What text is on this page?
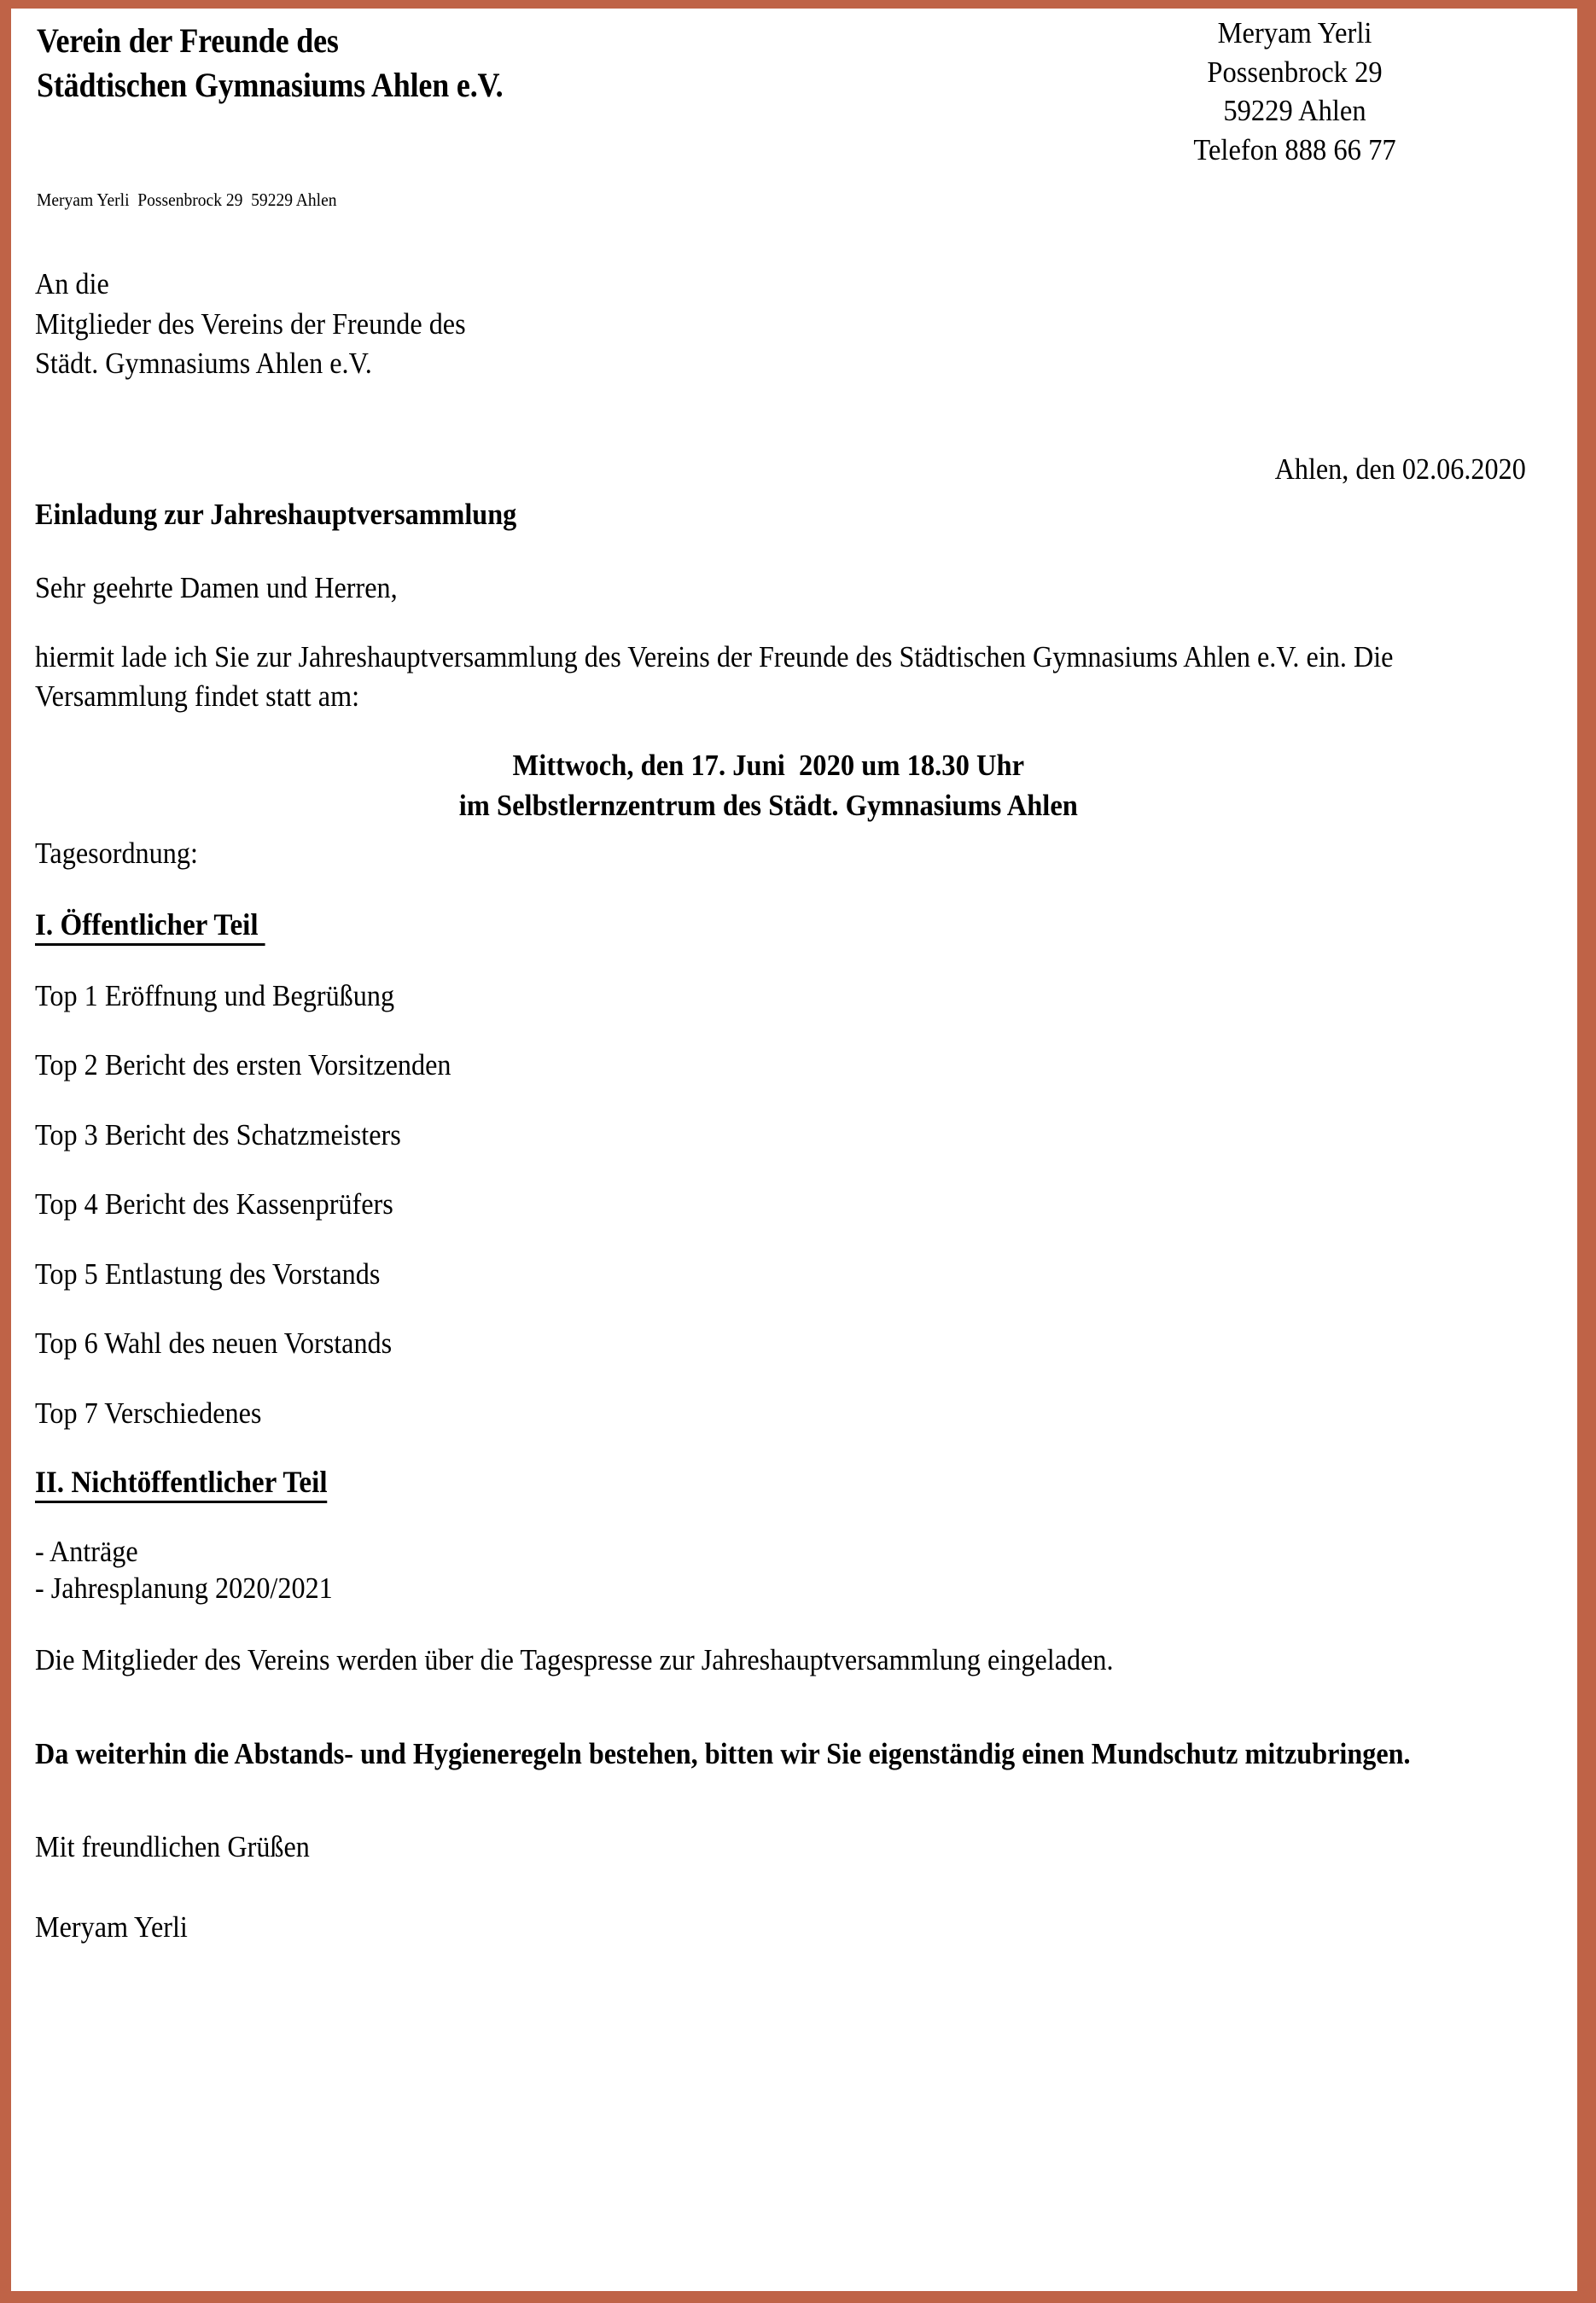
Verein der Freunde des
Städtischen Gymnasiums Ahlen e.V.
Meryam Yerli
Possenbrock 29
59229 Ahlen
Telefon 888 66 77
Meryam Yerli  Possenbrock 29  59229 Ahlen
An die
Mitglieder des Vereins der Freunde des
Städt. Gymnasiums Ahlen e.V.
Ahlen, den 02.06.2020
Einladung zur Jahreshauptversammlung
Sehr geehrte Damen und Herren,
hiermit lade ich Sie zur Jahreshauptversammlung des Vereins der Freunde des Städtischen Gymnasiums Ahlen e.V. ein. Die Versammlung findet statt am:
Mittwoch, den 17. Juni  2020 um 18.30 Uhr
im Selbstlernzentrum des Städt. Gymnasiums Ahlen
Tagesordnung:
I. Öffentlicher Teil
Top 1 Eröffnung und Begrüßung
Top 2 Bericht des ersten Vorsitzenden
Top 3 Bericht des Schatzmeisters
Top 4 Bericht des Kassenprüfers
Top 5 Entlastung des Vorstands
Top 6 Wahl des neuen Vorstands
Top 7 Verschiedenes
II. Nichtöffentlicher Teil
- Anträge
- Jahresplanung 2020/2021
Die Mitglieder des Vereins werden über die Tagespresse zur Jahreshauptversammlung eingeladen.
Da weiterhin die Abstands- und Hygieneregeln bestehen, bitten wir Sie eigenständig einen Mundschutz mitzubringen.
Mit freundlichen Grüßen
Meryam Yerli
